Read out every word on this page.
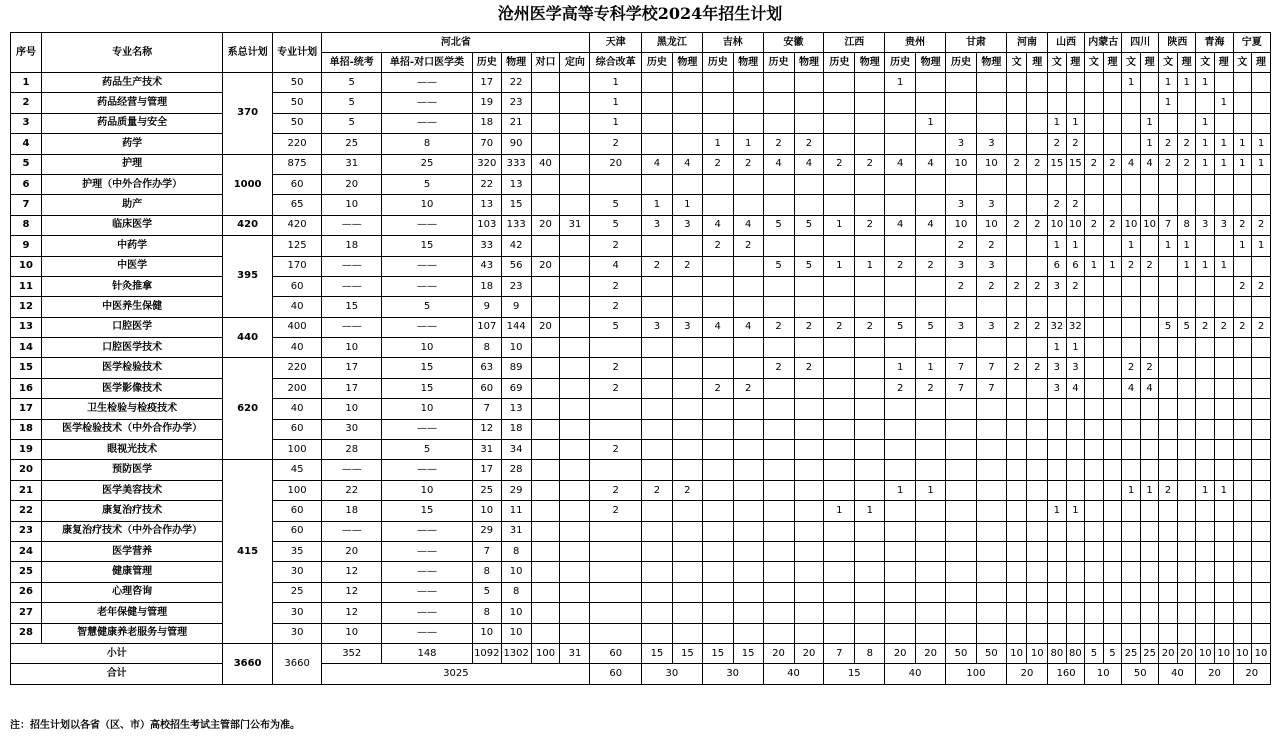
沧州医学高等专科学校2024年招生计划
序号	专业名称	系总计划	专业计划	河北省						天津	黑龙江		吉林		安徽		江西		贵州		甘肃		河南		山西		内蒙古		四川		陕西		青海		宁夏	
				单招-统考	单招-对口医学类	历史	物理	对口	定向	综合改革	历史	物理	历史	物理	历史	物理	历史	物理	历史	物理	历史	物理	文	理	文	理	文	理	文	理	文	理	文	理	文	理
1	药品生产技术	370	50	5	——	17	22			1									1										1		1	1	1			
2	药品经营与管理		50	5	——	19	23			1																					1			1		
3	药品质量与安全		50	5	——	18	21			1										1					1	1				1			1			
4	药学		220	25	8	70	90			2			1	1	2	2					3	3			2	2				1	2	2	1	1	1	1
5	护理	1000	875	31	25	320	333	40		20	4	4	2	2	4	4	2	2	4	4	10	10	2	2	15	15	2	2	4	4	2	2	1	1	1	1
6	护理（中外合作办学）		60	20	5	22	13																													
7	助产		65	10	10	13	15			5	1	1									3	3			2	2										
8	临床医学	420	420	——	——	103	133	20	31	5	3	3	4	4	5	5	1	2	4	4	10	10	2	2	10	10	2	2	10	10	7	8	3	3	2	2
9	中药学	395	125	18	15	33	42			2			2	2							2	2			1	1			1		1	1			1	1
10	中医学		170	——	——	43	56	20		4	2	2			5	5	1	1	2	2	3	3			6	6	1	1	2	2		1	1	1		
11	针灸推拿		60	——	——	18	23			2											2	2	2	2	3	2									2	2
12	中医养生保健		40	15	5	9	9			2																										
13	口腔医学	440	400	——	——	107	144	20		5	3	3	4	4	2	2	2	2	5	5	3	3	2	2	32	32					5	5	2	2	2	2
14	口腔医学技术		40	10	10	8	10																		1	1										
15	医学检验技术	620	220	17	15	63	89			2					2	2			1	1	7	7	2	2	3	3			2	2						
16	医学影像技术		200	17	15	60	69			2			2	2					2	2	7	7			3	4			4	4						
17	卫生检验与检疫技术		40	10	10	7	13																													
18	医学检验技术（中外合作办学）		60	30	——	12	18																													
19	眼视光技术		100	28	5	31	34			2																										
20	预防医学	415	45	——	——	17	28																													
21	医学美容技术		100	22	10	25	29			2	2	2							1	1									1	1	2		1	1		
22	康复治疗技术		60	18	15	10	11			2							1	1							1	1										
23	康复治疗技术（中外合作办学）		60	——	——	29	31																													
24	医学营养		35	20	——	7	8																													
25	健康管理		30	12	——	8	10																													
26	心理咨询		25	12	——	5	8																													
27	老年保健与管理		30	12	——	8	10																													
28	智慧健康养老服务与管理		30	10	——	10	10																													
小计		3660	3660	352	148	1092	1302	100	31	60	15	15	15	15	20	20	7	8	20	20	50	50	10	10	80	80	5	5	25	25	20	20	10	10	10	10
合计				3025						60	30		30		40		15		40		100		20		160		10		50		40		20		20	
注：招生计划以各省（区、市）高校招生考试主管部门公布为准。
